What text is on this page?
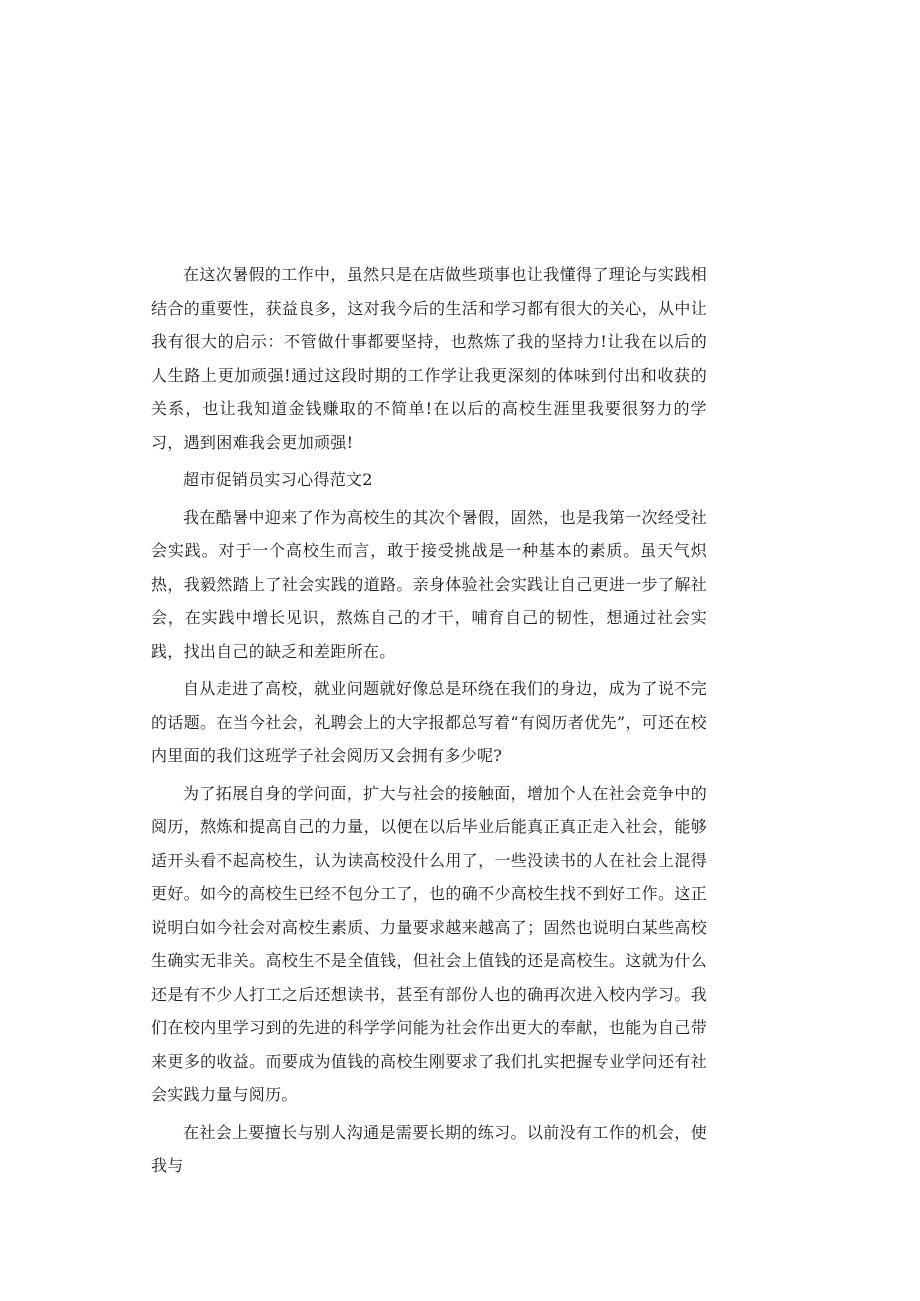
在这次暑假的工作中，虽然只是在店做些琐事也让我懂得了理论与实践相结合的重要性，获益良多，这对我今后的生活和学习都有很大的关心，从中让我有很大的启示：不管做什事都要坚持，也熬炼了我的坚持力!让我在以后的人生路上更加顽强!通过这段时期的工作学让我更深刻的体味到付出和收获的关系，也让我知道金钱赚取的不简单!在以后的高校生涯里我要很努力的学习，遇到困难我会更加顽强!

超市促销员实习心得范文2

我在酷暑中迎来了作为高校生的其次个暑假，固然，也是我第一次经受社会实践。对于一个高校生而言，敢于接受挑战是一种基本的素质。虽天气炽热，我毅然踏上了社会实践的道路。亲身体验社会实践让自己更进一步了解社会，在实践中增长见识，熬炼自己的才干，哺育自己的韧性，想通过社会实践，找出自己的缺乏和差距所在。

自从走进了高校，就业问题就好像总是环绕在我们的身边，成为了说不完的话题。在当今社会，礼聘会上的大字报都总写着“有阅历者优先”，可还在校内里面的我们这班学子社会阅历又会拥有多少呢?

为了拓展自身的学问面，扩大与社会的接触面，增加个人在社会竞争中的阅历，熬炼和提高自己的力量，以便在以后毕业后能真正真正走入社会，能够适开头看不起高校生，认为读高校没什么用了，一些没读书的人在社会上混得更好。如今的高校生已经不包分工了，也的确不少高校生找不到好工作。这正说明白如今社会对高校生素质、力量要求越来越高了；固然也说明白某些高校生确实无非关。高校生不是全值钱，但社会上值钱的还是高校生。这就为什么还是有不少人打工之后还想读书，甚至有部份人也的确再次进入校内学习。我们在校内里学习到的先进的科学学问能为社会作出更大的奉献，也能为自己带来更多的收益。而要成为值钱的高校生刚要求了我们扎实把握专业学问还有社会实践力量与阅历。

在社会上要擅长与别人沟通是需要长期的练习。以前没有工作的机会，使我与
